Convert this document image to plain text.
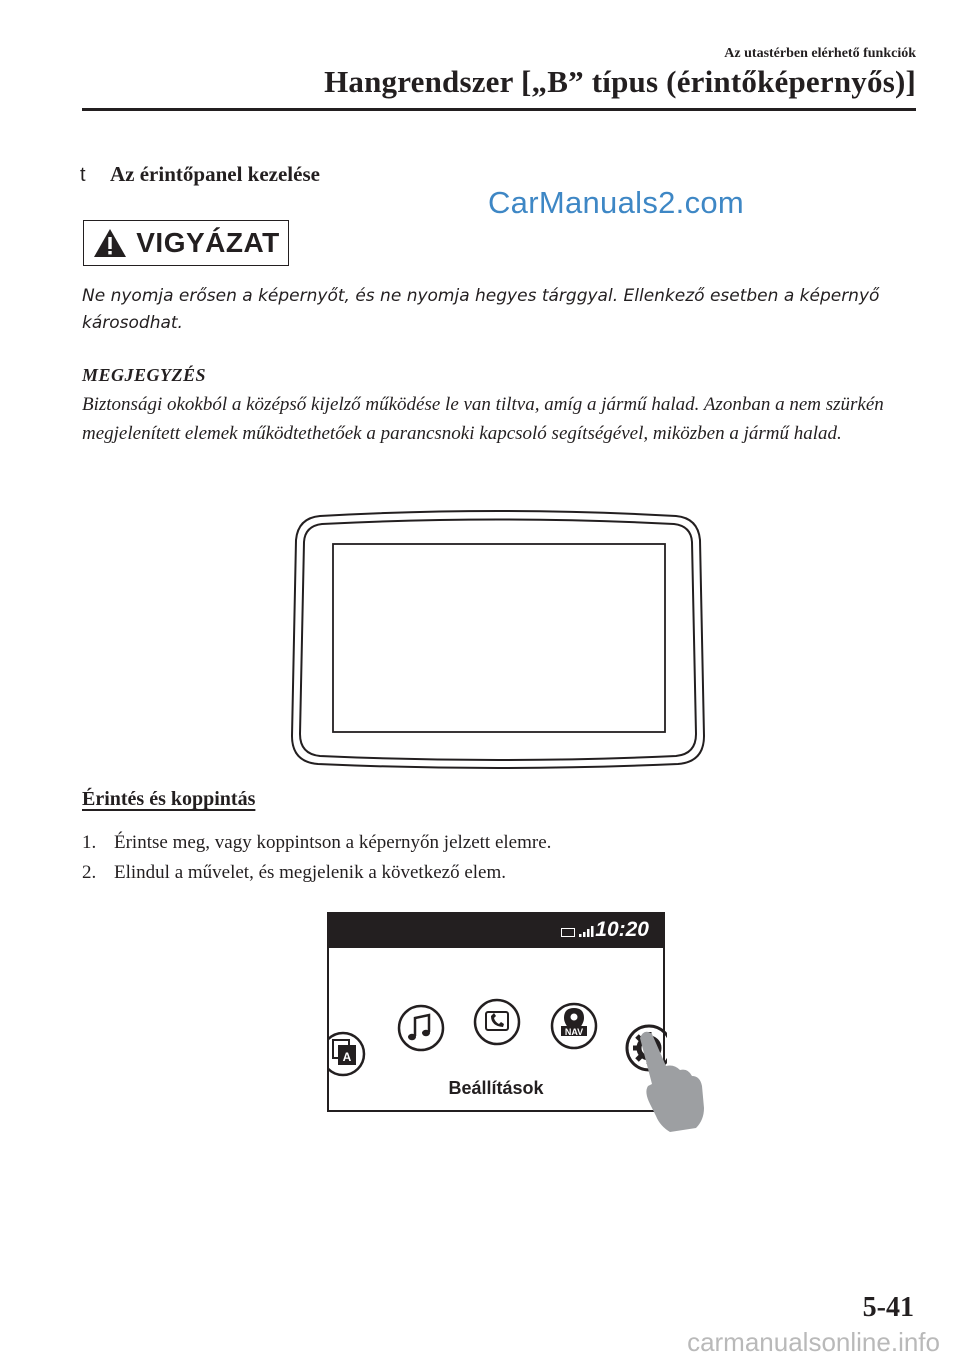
Az utastérben elérhető funkciók
Hangrendszer [„B” típus (érintőképernyős)]
t Az érintőpanel kezelése
CarManuals2.com
VIGYÁZAT
Ne nyomja erősen a képernyőt, és ne nyomja hegyes tárggyal. Ellenkező esetben a képernyő károsodhat.
MEGJEGYZÉS
Biztonsági okokból a középső kijelző működése le van tiltva, amíg a jármű halad. Azonban a nem szürkén megjelenített elemek működtethetőek a parancsnoki kapcsoló segítségével, miközben a jármű halad.
Érintés és koppintás
1. Érintse meg, vagy koppintson a képernyőn jelzett elemre.
2. Elindul a művelet, és megjelenik a következő elem.
10:20
Beállítások
A
NAV
5-41
carmanualsonline.info
